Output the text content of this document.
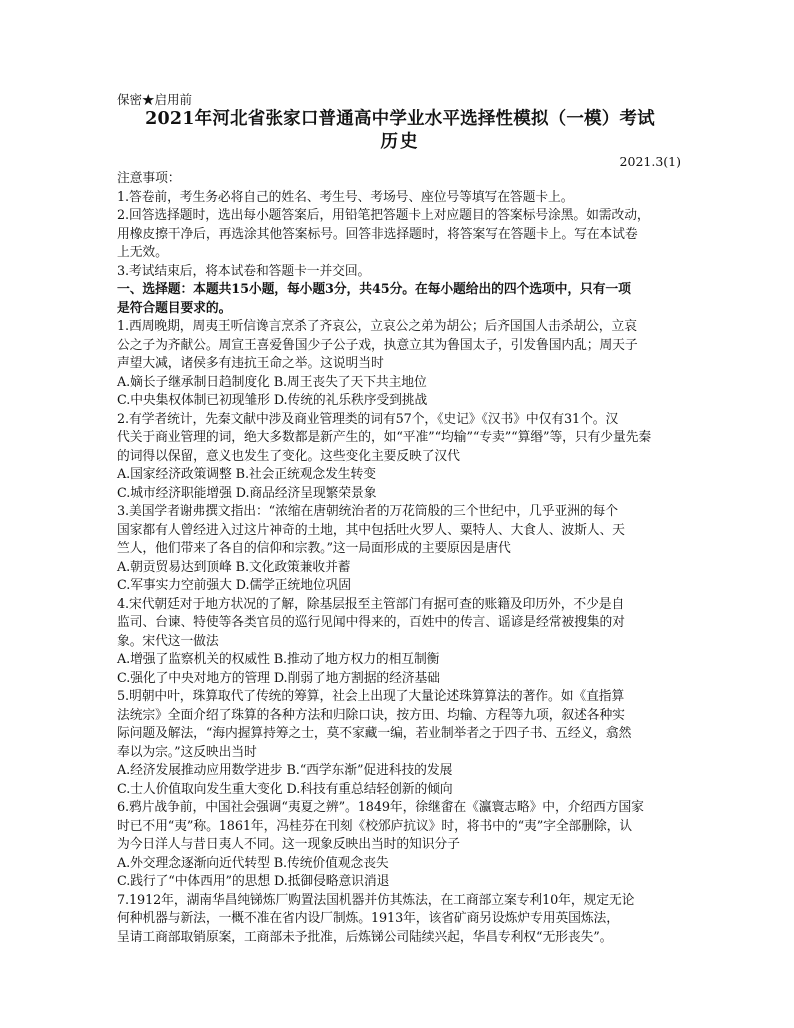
保密★启用前
2021年河北省张家口普通高中学业水平选择性模拟（一模）考试
历史
2021.3(1)
注意事项：
1.答卷前，考生务必将自己的姓名、考生号、考场号、座位号等填写在答题卡上。
2.回答选择题时，选出每小题答案后，用铅笔把答题卡上对应题目的答案标号涂黑。如需改动，
用橡皮擦干净后，再选涂其他答案标号。回答非选择题时，将答案写在答题卡上。写在本试卷
上无效。
3.考试结束后，将本试卷和答题卡一并交回。
一、选择题：本题共15小题，每小题3分，共45分。在每小题给出的四个选项中，只有一项
是符合题目要求的。
1.西周晚期，周夷王听信谗言烹杀了齐哀公，立哀公之弟为胡公；后齐国国人击杀胡公，立哀
公之子为齐献公。周宣王喜爱鲁国少子公子戏，执意立其为鲁国太子，引发鲁国内乱；周天子
声望大减，诸侯多有违抗王命之举。这说明当时
A.嫡长子继承制日趋制度化 B.周王丧失了天下共主地位
C.中央集权体制已初现雏形 D.传统的礼乐秩序受到挑战
2.有学者统计，先秦文献中涉及商业管理类的词有57个，《史记》《汉书》中仅有31个。汉
代关于商业管理的词，绝大多数都是新产生的，如“平准”“均输”“专卖”“算缗”等，只有少量先秦
的词得以保留，意义也发生了变化。这些变化主要反映了汉代
A.国家经济政策调整 B.社会正统观念发生转变
C.城市经济职能增强 D.商品经济呈现繁荣景象
3.美国学者谢弗撰文指出：“浓缩在唐朝统治者的万花筒般的三个世纪中，几乎亚洲的每个
国家都有人曾经进入过这片神奇的土地，其中包括吐火罗人、粟特人、大食人、波斯人、天
竺人，他们带来了各自的信仰和宗教。”这一局面形成的主要原因是唐代
A.朝贡贸易达到顶峰 B.文化政策兼收并蓄
C.军事实力空前强大 D.儒学正统地位巩固
4.宋代朝廷对于地方状况的了解，除基层报至主管部门有据可查的账籍及印历外，不少是自
监司、台谏、特使等各类官员的巡行见闻中得来的，百姓中的传言、谣谚是经常被搜集的对
象。宋代这一做法
A.增强了监察机关的权威性 B.推动了地方权力的相互制衡
C.强化了中央对地方的管理 D.削弱了地方割据的经济基础
5.明朝中叶，珠算取代了传统的筹算，社会上出现了大量论述珠算算法的著作。如《直指算
法统宗》全面介绍了珠算的各种方法和归除口诀，按方田、均输、方程等九项，叙述各种实
际问题及解法，“海内握算持筹之士，莫不家藏一编，若业制举者之于四子书、五经义，翕然
奉以为宗。”这反映出当时
A.经济发展推动应用数学进步 B.“西学东渐”促进科技的发展
C.士人价值取向发生重大变化 D.科技有重总结轻创新的倾向
6.鸦片战争前，中国社会强调“夷夏之辨”。1849年，徐继畬在《瀛寰志略》中，介绍西方国家
时已不用“夷”称。1861年，冯桂芬在刊刻《校邠庐抗议》时，将书中的“夷”字全部删除，认
为今日洋人与昔日夷人不同。这一现象反映出当时的知识分子
A.外交理念逐渐向近代转型 B.传统价值观念丧失
C.践行了“中体西用”的思想 D.抵御侵略意识消退
7.1912年，湖南华昌纯锑炼厂购置法国机器并仿其炼法，在工商部立案专利10年，规定无论
何种机器与新法，一概不准在省内设厂制炼。1913年，该省矿商另设炼炉专用英国炼法，
呈请工商部取销原案，工商部未予批准，后炼锑公司陆续兴起，华昌专利权“无形丧失”。
